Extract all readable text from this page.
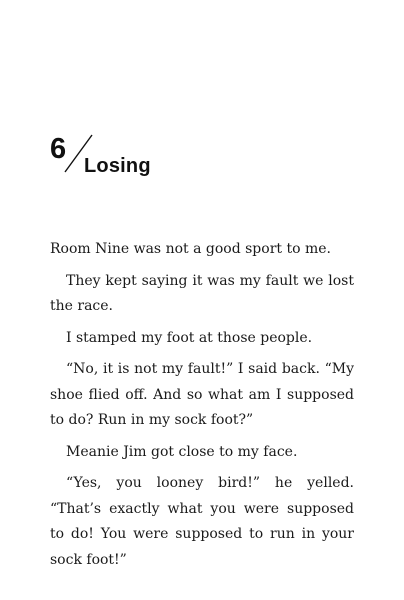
6
Losing

Room Nine was not a good sport to me.

They kept saying it was my fault we lost the race.

I stamped my foot at those people.

“No, it is not my fault!” I said back. “My shoe flied off. And so what am I supposed to do? Run in my sock foot?”

Meanie Jim got close to my face.

“Yes, you looney bird!” he yelled. “That’s exactly what you were supposed to do! You were supposed to run in your sock foot!”
